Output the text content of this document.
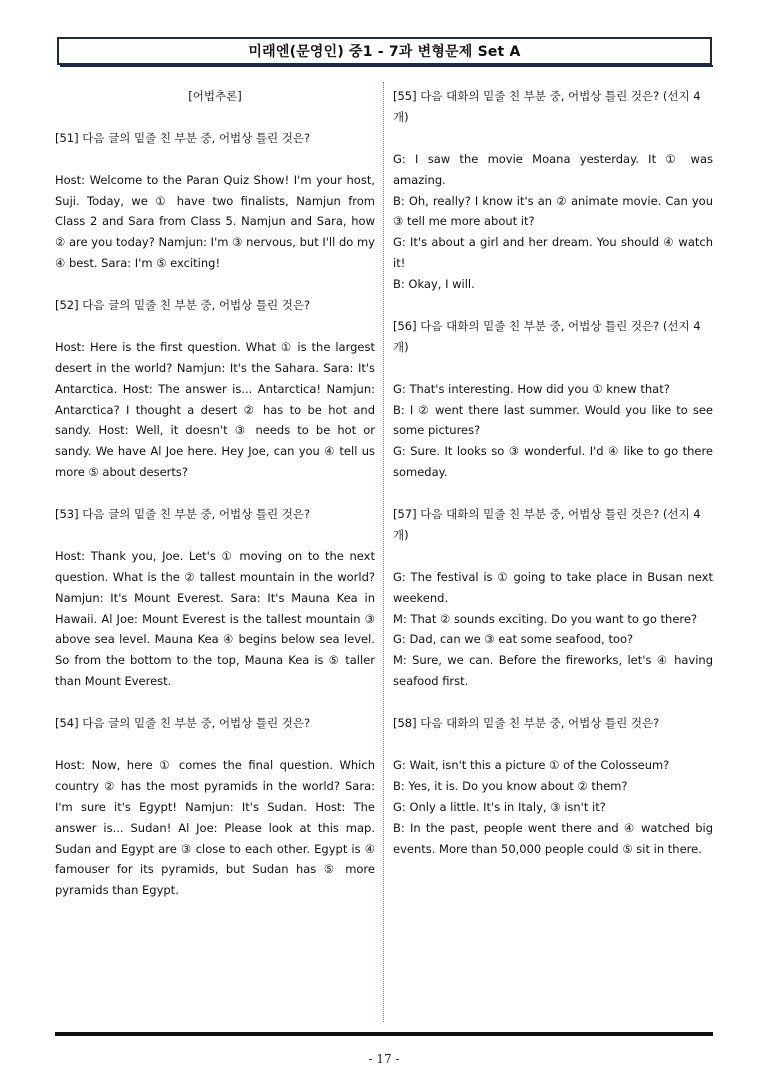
미래엔(문영인) 중1 - 7과 변형문제 Set A

[어법추론]

[51] 다음 글의 밑줄 친 부분 중, 어법상 틀린 것은?

Host: Welcome to the Paran Quiz Show! I'm your host, Suji. Today, we ① have two finalists, Namjun from Class 2 and Sara from Class 5. Namjun and Sara, how ② are you today? Namjun: I'm ③ nervous, but I'll do my ④ best. Sara: I'm ⑤ exciting!

[52] 다음 글의 밑줄 친 부분 중, 어법상 틀린 것은?

Host: Here is the first question. What ① is the largest desert in the world? Namjun: It's the Sahara. Sara: It's Antarctica. Host: The answer is... Antarctica! Namjun: Antarctica? I thought a desert ② has to be hot and sandy. Host: Well, it doesn't ③ needs to be hot or sandy. We have Al Joe here. Hey Joe, can you ④ tell us more ⑤ about deserts?

[53] 다음 글의 밑줄 친 부분 중, 어법상 틀린 것은?

Host: Thank you, Joe. Let's ① moving on to the next question. What is the ② tallest mountain in the world? Namjun: It's Mount Everest. Sara: It's Mauna Kea in Hawaii. Al Joe: Mount Everest is the tallest mountain ③ above sea level. Mauna Kea ④ begins below sea level. So from the bottom to the top, Mauna Kea is ⑤ taller than Mount Everest.

[54] 다음 글의 밑줄 친 부분 중, 어법상 틀린 것은?

Host: Now, here ① comes the final question. Which country ② has the most pyramids in the world? Sara: I'm sure it's Egypt! Namjun: It's Sudan. Host: The answer is... Sudan! Al Joe: Please look at this map. Sudan and Egypt are ③ close to each other. Egypt is ④ famouser for its pyramids, but Sudan has ⑤ more pyramids than Egypt.

[55] 다음 대화의 밑줄 친 부분 중, 어법상 틀린 것은? (선지 4개)

G: I saw the movie Moana yesterday. It ① was amazing.

B: Oh, really? I know it's an ② animate movie. Can you ③ tell me more about it?

G: It's about a girl and her dream. You should ④ watch it!

B: Okay, I will.

[56] 다음 대화의 밑줄 친 부분 중, 어법상 틀린 것은? (선지 4개)

G: That's interesting. How did you ① knew that?

B: I ② went there last summer. Would you like to see some pictures?

G: Sure. It looks so ③ wonderful. I'd ④ like to go there someday.

[57] 다음 대화의 밑줄 친 부분 중, 어법상 틀린 것은? (선지 4개)

G: The festival is ① going to take place in Busan next weekend.

M: That ② sounds exciting. Do you want to go there?

G: Dad, can we ③ eat some seafood, too?

M: Sure, we can. Before the fireworks, let's ④ having seafood first.

[58] 다음 대화의 밑줄 친 부분 중, 어법상 틀린 것은?

G: Wait, isn't this a picture ① of the Colosseum?

B: Yes, it is. Do you know about ② them?

G: Only a little. It's in Italy, ③ isn't it?

B: In the past, people went there and ④ watched big events. More than 50,000 people could ⑤ sit in there.

- 17 -
